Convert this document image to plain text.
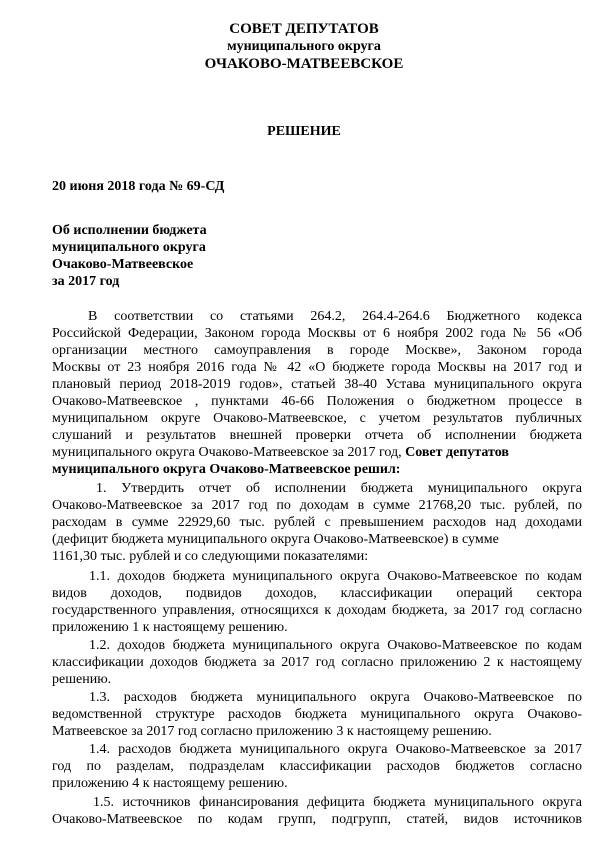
СОВЕТ ДЕПУТАТОВ
муниципального округа
ОЧАКОВО-МАТВЕЕВСКОЕ
РЕШЕНИЕ
20 июня 2018 года № 69-СД
Об исполнении бюджета
муниципального округа
Очаково-Матвеевское
за 2017 год
В соответствии со статьями 264.2, 264.4-264.6 Бюджетного кодекса
Российской Федерации, Законом города Москвы от 6 ноября 2002 года № 56 «Об
организации местного самоуправления в городе Москве», Законом города
Москвы от 23 ноября 2016 года № 42 «О бюджете города Москвы на 2017 год и
плановый период 2018-2019 годов», статьей 38-40 Устава муниципального округа
Очаково-Матвеевское , пунктами 46-66 Положения о бюджетном процессе в
муниципальном округе Очаково-Матвеевское, с учетом результатов публичных
слушаний и результатов внешней проверки отчета об исполнении бюджета
муниципального округа Очаково-Матвеевское за 2017 год, Совет депутатов
муниципального округа Очаково-Матвеевское решил:
1. Утвердить отчет об исполнении бюджета муниципального округа
Очаково-Матвеевское за 2017 год по доходам в сумме 21768,20 тыс. рублей, по
расходам в сумме 22929,60 тыс. рублей с превышением расходов над доходами
(дефицит бюджета муниципального округа Очаково-Матвеевское) в сумме
1161,30 тыс. рублей и со следующими показателями:
1.1. доходов бюджета муниципального округа Очаково-Матвеевское по кодам
видов доходов, подвидов доходов, классификации операций сектора
государственного управления, относящихся к доходам бюджета, за 2017 год согласно
приложению 1 к настоящему решению.
1.2. доходов бюджета муниципального округа Очаково-Матвеевское по кодам
классификации доходов бюджета за 2017 год согласно приложению 2 к настоящему
решению.
1.3. расходов бюджета муниципального округа Очаково-Матвеевское по
ведомственной структуре расходов бюджета муниципального округа Очаково-
Матвеевское за 2017 год согласно приложению 3 к настоящему решению.
1.4. расходов бюджета муниципального округа Очаково-Матвеевское за 2017
год по разделам, подразделам классификации расходов бюджетов согласно
приложению 4 к настоящему решению.
1.5. источников финансирования дефицита бюджета муниципального округа
Очаково-Матвеевское по кодам групп, подгрупп, статей, видов источников
